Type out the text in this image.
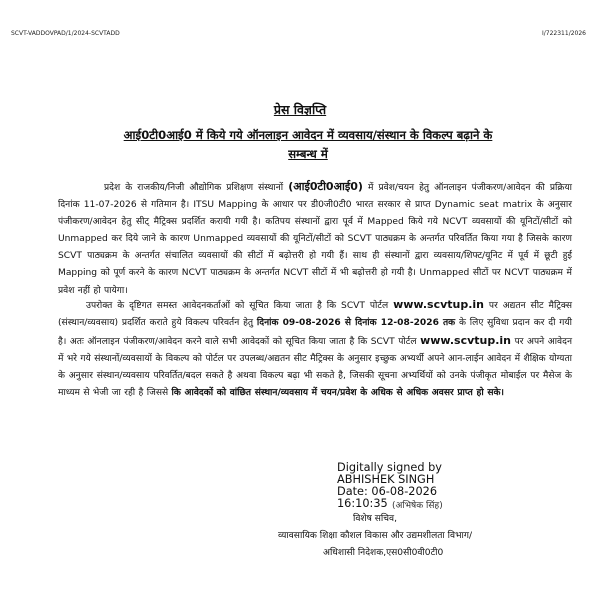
SCVT-VADDOVPAD/1/2024-SCVTADD	I/722311/2026
प्रेस विज्ञप्ति
आई0टी0आई0 में किये गये ऑनलाइन आवेदन में व्यवसाय/संस्थान के विकल्प बढ़ाने के
सम्बन्ध में

प्रदेश के राजकीय/निजी औद्योगिक प्रशिक्षण संस्थानों (आई0टी0आई0) में प्रवेश/चयन हेतु ऑनलाइन पंजीकरण/आवेदन की प्रक्रिया दिनांक 11-07-2026 से गतिमान है। ITSU Mapping के आधार पर डी0जी0टी0 भारत सरकार से प्राप्त Dynamic seat matrix के अनुसार पंजीकरण/आवेदन हेतु सीट् मैट्रिक्स प्रदर्शित करायी गयी है। कतिपय संस्थानों द्वारा पूर्व में Mapped किये गये NCVT व्यवसायों की यूनिटों/सीटों को Unmapped कर दिये जाने के कारण Unmapped व्यवसायों की यूनिटों/सीटों को SCVT पाठ्यक्रम के अन्तर्गत परिवर्तित किया गया है जिसके कारण SCVT पाठ्यक्रम के अन्तर्गत संचालित व्यवसायों की सीटों में बढ़ोत्तरी हो गयी हैं। साथ ही संस्थानों द्वारा व्यवसाय/शिफ्ट/यूनिट में पूर्व में छूटी हुई Mapping को पूर्ण करने के कारण NCVT पाठ्यक्रम के अन्तर्गत NCVT सीटों में भी बढ़ोत्तरी हो गयी है। Unmapped सीटों पर NCVT पाठ्यक्रम में प्रवेश नहीं हो पायेगा।

उपरोक्त के दृष्टिगत समस्त आवेदनकर्ताओं को सूचित किया जाता है कि SCVT पोर्टल www.scvtup.in पर अद्यतन सीट मैट्रिक्स (संस्थान/व्यवसाय) प्रदर्शित कराते हुये विकल्प परिवर्तन हेतु दिनांक 09-08-2026 से दिनांक 12-08-2026 तक के लिए सुविधा प्रदान कर दी गयी है। अतः ऑनलाइन पंजीकरण/आवेदन करने वाले सभी आवेदकों को सूचित किया जाता है कि SCVT पोर्टल www.scvtup.in पर अपने आवेदन में भरे गये संस्थानों/व्यवसायों के विकल्प को पोर्टल पर उपलब्ध/अद्यतन सीट मैट्रिक्स के अनुसार इच्छुक अभ्यर्थी अपने आन-लाईन आवेदन में शैक्षिक योग्यता के अनुसार संस्थान/व्यवसाय परिवर्तित/बदल सकते है अथवा विकल्प बढ़ा भी सकते है, जिसकी सूचना अभ्यर्थियों को उनके पंजीकृत मोबाईल पर मैसेज के माध्यम से भेजी जा रही है जिससे कि आवेदकों को वांछित संस्थान/व्यवसाय में चयन/प्रवेश के अधिक से अधिक अवसर प्राप्त हो सके।

Digitally signed by
ABHISHEK SINGH
Date: 06-08-2026
16:10:35 (अभिषेक सिंह)
विशेष सचिव,
व्यावसायिक शिक्षा कौशल विकास और उद्यमशीलता विभाग/
अधिशासी निदेशक,एस0सी0वी0टी0
